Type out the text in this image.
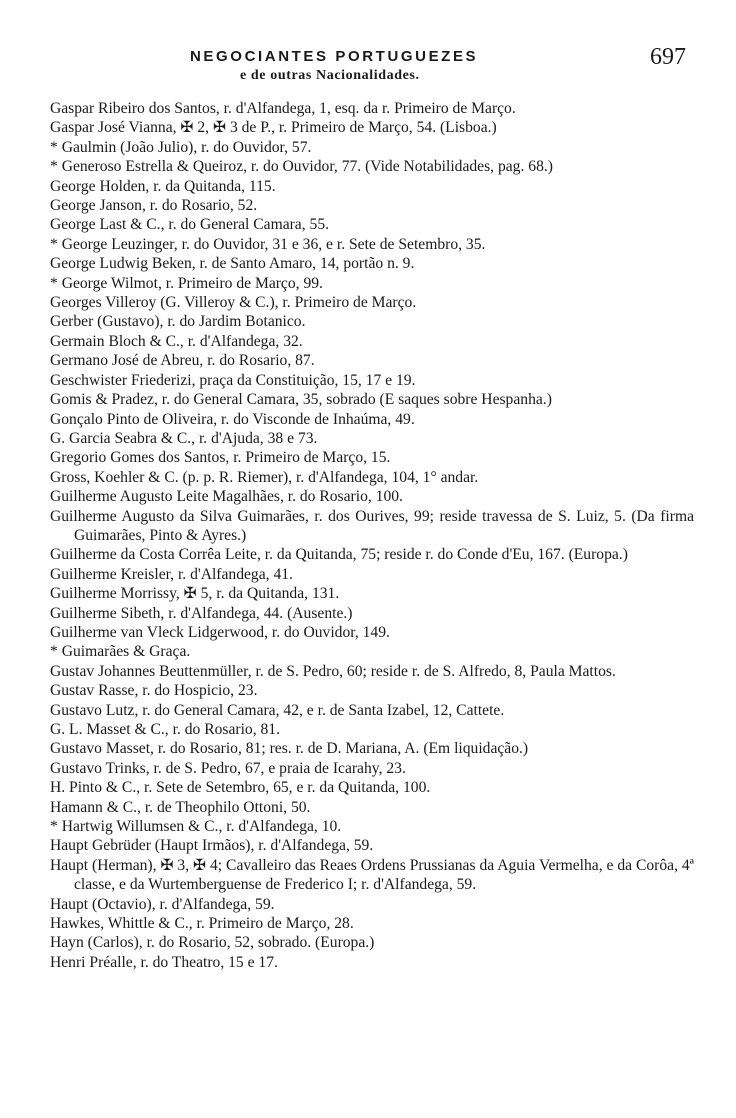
NEGOCIANTES PORTUGUEZES
e de outras Nacionalidades.
697
Gaspar Ribeiro dos Santos, r. d'Alfandega, 1, esq. da r. Primeiro de Março.
Gaspar José Vianna, ✠ 2, ✠ 3 de P., r. Primeiro de Março, 54. (Lisboa.)
* Gaulmin (João Julio), r. do Ouvidor, 57.
* Generoso Estrella & Queiroz, r. do Ouvidor, 77. (Vide Notabilidades, pag. 68.)
George Holden, r. da Quitanda, 115.
George Janson, r. do Rosario, 52.
George Last & C., r. do General Camara, 55.
* George Leuzinger, r. do Ouvidor, 31 e 36, e r. Sete de Setembro, 35.
George Ludwig Beken, r. de Santo Amaro, 14, portão n. 9.
* George Wilmot, r. Primeiro de Março, 99.
Georges Villeroy (G. Villeroy & C.), r. Primeiro de Março.
Gerber (Gustavo), r. do Jardim Botanico.
Germain Bloch & C., r. d'Alfandega, 32.
Germano José de Abreu, r. do Rosario, 87.
Geschwister Friederizi, praça da Constituição, 15, 17 e 19.
Gomis & Pradez, r. do General Camara, 35, sobrado (E saques sobre Hespanha.)
Gonçalo Pinto de Oliveira, r. do Visconde de Inhaúma, 49.
G. Garcia Seabra & C., r. d'Ajuda, 38 e 73.
Gregorio Gomes dos Santos, r. Primeiro de Março, 15.
Gross, Koehler & C. (p. p. R. Riemer), r. d'Alfandega, 104, 1° andar.
Guilherme Augusto Leite Magalhães, r. do Rosario, 100.
Guilherme Augusto da Silva Guimarães, r. dos Ourives, 99; reside travessa de S. Luiz, 5. (Da firma Guimarães, Pinto & Ayres.)
Guilherme da Costa Corrêa Leite, r. da Quitanda, 75; reside r. do Conde d'Eu, 167. (Europa.)
Guilherme Kreisler, r. d'Alfandega, 41.
Guilherme Morrissy, ✠ 5, r. da Quitanda, 131.
Guilherme Sibeth, r. d'Alfandega, 44. (Ausente.)
Guilherme van Vleck Lidgerwood, r. do Ouvidor, 149.
* Guimarães & Graça.
Gustav Johannes Beuttenmüller, r. de S. Pedro, 60; reside r. de S. Alfredo, 8, Paula Mattos.
Gustav Rasse, r. do Hospicio, 23.
Gustavo Lutz, r. do General Camara, 42, e r. de Santa Izabel, 12, Cattete.
G. L. Masset & C., r. do Rosario, 81.
Gustavo Masset, r. do Rosario, 81; res. r. de D. Mariana, A. (Em liquidação.)
Gustavo Trinks, r. de S. Pedro, 67, e praia de Icarahy, 23.
H. Pinto & C., r. Sete de Setembro, 65, e r. da Quitanda, 100.
Hamann & C., r. de Theophilo Ottoni, 50.
* Hartwig Willumsen & C., r. d'Alfandega, 10.
Haupt Gebrüder (Haupt Irmãos), r. d'Alfandega, 59.
Haupt (Herman), ✠ 3, ✠ 4; Cavalleiro das Reaes Ordens Prussianas da Aguia Vermelha, e da Corôa, 4ª classe, e da Wurtemberguense de Frederico I; r. d'Alfandega, 59.
Haupt (Octavio), r. d'Alfandega, 59.
Hawkes, Whittle & C., r. Primeiro de Março, 28.
Hayn (Carlos), r. do Rosario, 52, sobrado. (Europa.)
Henri Préalle, r. do Theatro, 15 e 17.
